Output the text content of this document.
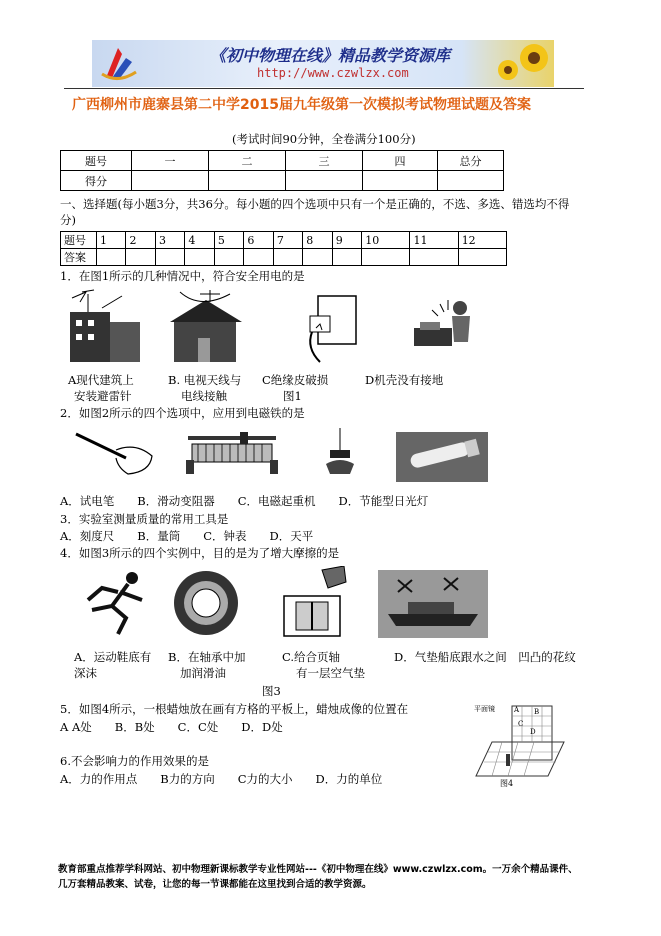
《初中物理在线》精品教学资源库
http://www.czwlzx.com
广西柳州市鹿寨县第二中学2015届九年级第一次模拟考试物理试题及答案
(考试时间90分钟，全卷满分100分)
题号	一	二	三	四	总分
得分					
一、选择题(每小题3分，共36分。每小题的四个选项中只有一个是正确的，不选、多选、错选均不得
分)
题号	1	2	3	4	5	6	7	8	9	10	11	12
答案												
1．在图1所示的几种情况中，符合安全用电的是
A现代建筑上
安装避雷针
B. 电视天线与
电线接触
C绝缘皮破损	D机壳没有接地
图1
2．如图2所示的四个选项中，应用到电磁铁的是
A．试电笔　　B．滑动变阻器　　C．电磁起重机　　D．节能型日光灯
3．实验室测量质量的常用工具是
A．刻度尺　　B．量筒　　C．钟表　　D．天平
4．如图3所示的四个实例中，目的是为了增大摩擦的是
A．运动鞋底有
深沫
B．在轴承中加
加润滑油
C.给合页轴
有一层空气垫
D．气垫船底跟水之间　凹凸的花纹
图3
5．如图4所示，一根蜡烛放在画有方格的平板上，蜡烛成像的位置在
A A处　　B．B处　　C．C处　　D．D处
平面镜	A B
C
D
图4
6.不会影响力的作用效果的是
A．力的作用点　　B力的方向　　C力的大小　　D．力的单位
教育部重点推荐学科网站、初中物理新课标教学专业性网站---《初中物理在线》www.czwlzx.com。一万余个精品课件、
几万套精品教案、试卷，让您的每一节课都能在这里找到合适的教学资源。
